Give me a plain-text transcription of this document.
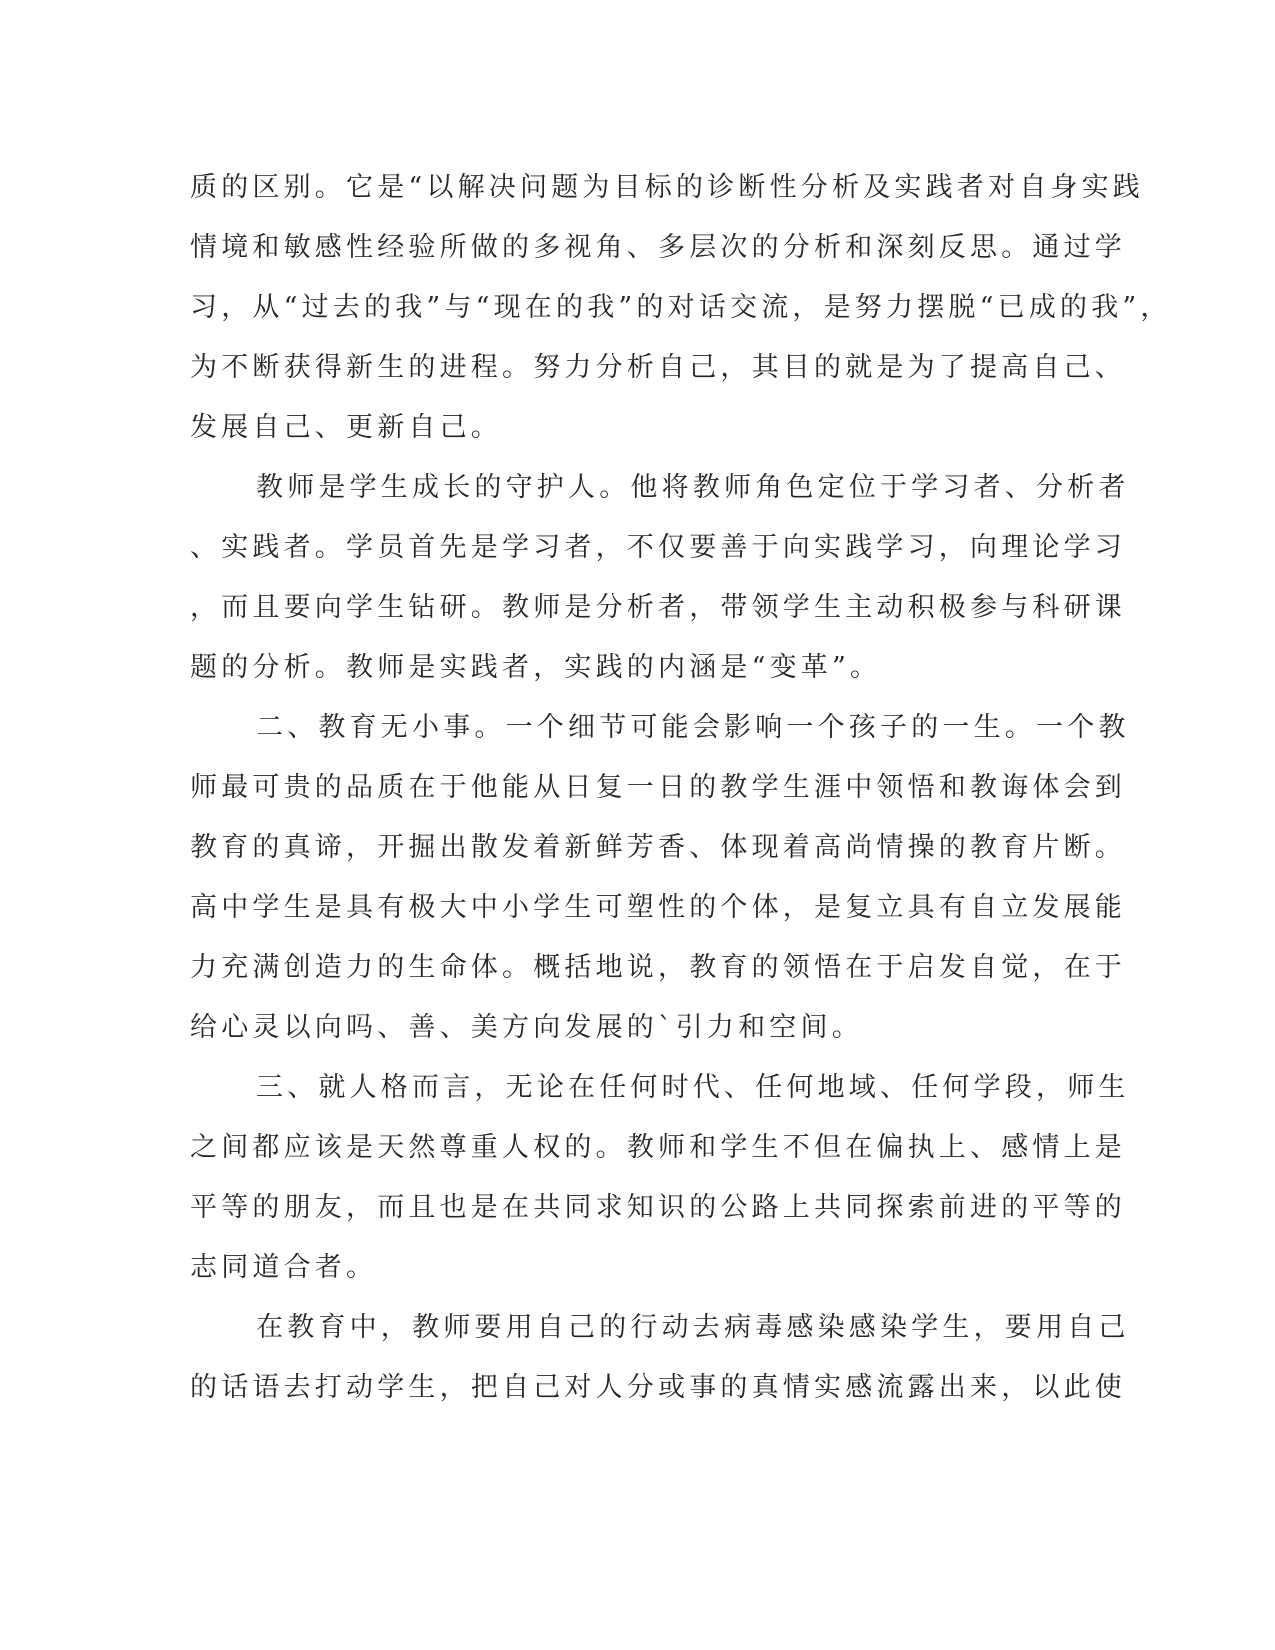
质的区别。它是“以解决问题为目标的诊断性分析及实践者对自身实践
情境和敏感性经验所做的多视角、多层次的分析和深刻反思。通过学
习，从“过去的我”与“现在的我”的对话交流，是努力摆脱“已成的我”，
为不断获得新生的进程。努力分析自己，其目的就是为了提高自己、
发展自己、更新自己。
教师是学生成长的守护人。他将教师角色定位于学习者、分析者
、实践者。学员首先是学习者，不仅要善于向实践学习，向理论学习
，而且要向学生钻研。教师是分析者，带领学生主动积极参与科研课
题的分析。教师是实践者，实践的内涵是“变革”。
二、教育无小事。一个细节可能会影响一个孩子的一生。一个教
师最可贵的品质在于他能从日复一日的教学生涯中领悟和教诲体会到
教育的真谛，开掘出散发着新鲜芳香、体现着高尚情操的教育片断。
高中学生是具有极大中小学生可塑性的个体，是复立具有自立发展能
力充满创造力的生命体。概括地说，教育的领悟在于启发自觉，在于
给心灵以向吗、善、美方向发展的`引力和空间。
三、就人格而言，无论在任何时代、任何地域、任何学段，师生
之间都应该是天然尊重人权的。教师和学生不但在偏执上、感情上是
平等的朋友，而且也是在共同求知识的公路上共同探索前进的平等的
志同道合者。
在教育中，教师要用自己的行动去病毒感染感染学生，要用自己
的话语去打动学生，把自己对人分或事的真情实感流露出来，以此使
